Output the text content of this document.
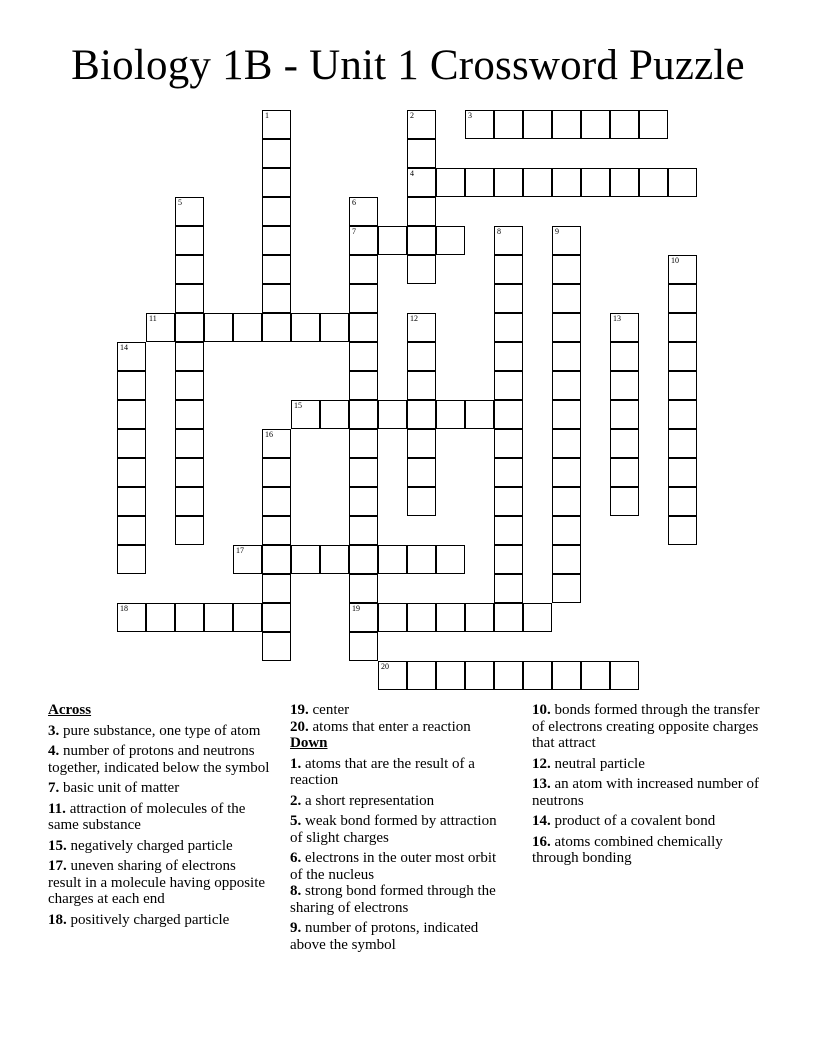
Biology 1B - Unit 1 Crossword Puzzle
1	2
4
3
5	6
7
19
8	9
10
11	12	13
14
15
16
17
18
20
Across
3. pure substance, one type of atom
4. number of protons and neutrons together, indicated below the symbol
7. basic unit of matter
11. attraction of molecules of the same substance
15. negatively charged particle
17. uneven sharing of electrons result in a molecule having opposite charges at each end
18. positively charged particle
19. center
20. atoms that enter a reaction
Down
1. atoms that are the result of a reaction
2. a short representation
5. weak bond formed by attraction of slight charges
6. electrons in the outer most orbit of the nucleus
8. strong bond formed through the sharing of electrons
9. number of protons, indicated above the symbol
10. bonds formed through the transfer of electrons creating opposite charges that attract
12. neutral particle
13. an atom with increased number of neutrons
14. product of a covalent bond
16. atoms combined chemically through bonding
